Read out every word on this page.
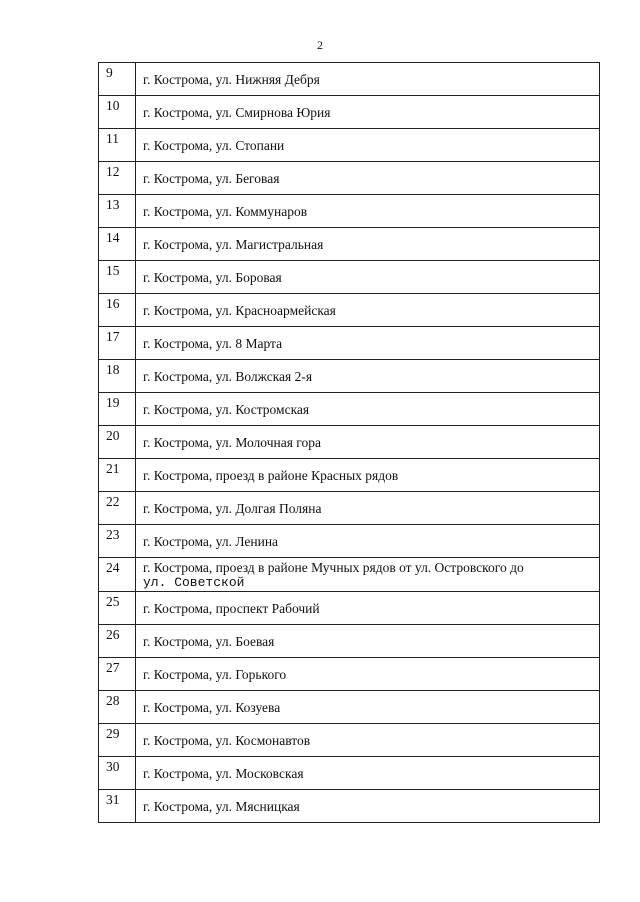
2
9	г. Кострома, ул. Нижняя Дебря

10	г. Кострома, ул. Смирнова Юрия

11	г. Кострома, ул. Стопани

12	г. Кострома, ул. Беговая

13	г. Кострома, ул. Коммунаров

14	г. Кострома, ул. Магистральная

15	г. Кострома, ул. Боровая

16	г. Кострома, ул. Красноармейская

17	г. Кострома, ул. 8 Марта

18	г. Кострома, ул. Волжская 2-я

19	г. Кострома, ул. Костромская

20	г. Кострома, ул. Молочная гора

21	г. Кострома, проезд в районе Красных рядов

22	г. Кострома, ул. Долгая Поляна

23	г. Кострома, ул. Ленина

24	г. Кострома, проезд в районе Мучных рядов от ул. Островского до
ул. Советской

25	г. Кострома, проспект Рабочий

26	г. Кострома, ул. Боевая

27	г. Кострома, ул. Горького

28	г. Кострома, ул. Козуева

29	г. Кострома, ул. Космонавтов

30	г. Кострома, ул. Московская

31	г. Кострома, ул. Мясницкая
